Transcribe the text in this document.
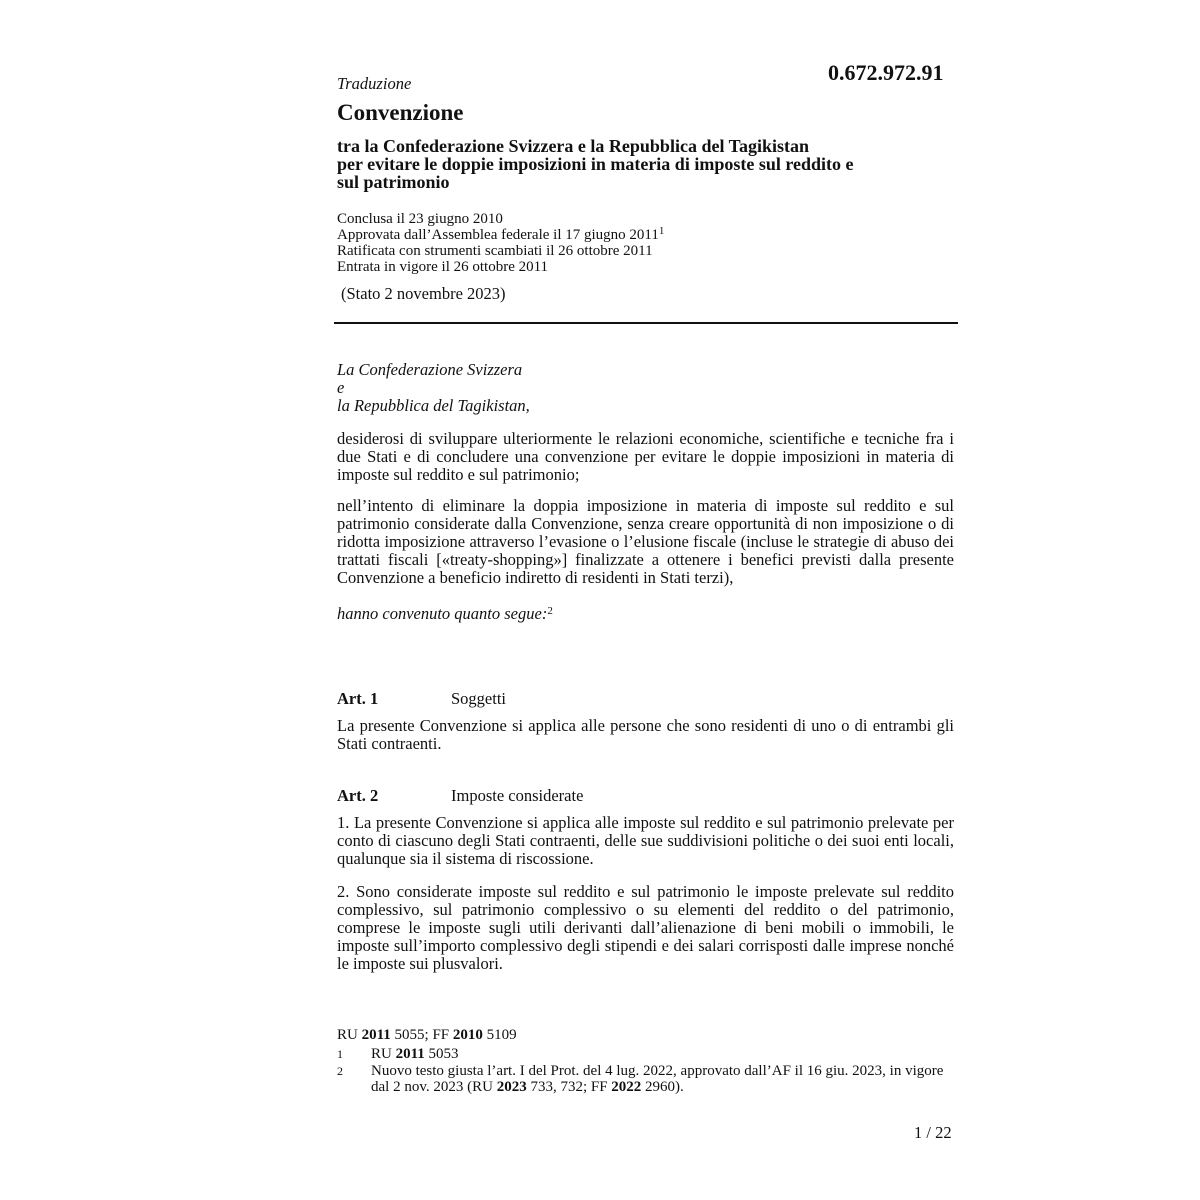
0.672.972.91
Traduzione
Convenzione
tra la Confederazione Svizzera e la Repubblica del Tagikistan
per evitare le doppie imposizioni in materia di imposte sul reddito e
sul patrimonio
Conclusa il 23 giugno 2010
Approvata dall’Assemblea federale il 17 giugno 2011$^1$
Ratificata con strumenti scambiati il 26 ottobre 2011
Entrata in vigore il 26 ottobre 2011
(Stato 2 novembre 2023)
La Confederazione Svizzera
e
la Repubblica del Tagikistan,

desiderosi di sviluppare ulteriormente le relazioni economiche, scientifiche e tecniche fra i due Stati e di concludere una convenzione per evitare le doppie imposizioni in materia di imposte sul reddito e sul patrimonio;

nell’intento di eliminare la doppia imposizione in materia di imposte sul reddito e sul patrimonio considerate dalla Convenzione, senza creare opportunità di non imposizione o di ridotta imposizione attraverso l’evasione o l’elusione fiscale (incluse le strategie di abuso dei trattati fiscali [«treaty-shopping»] finalizzate a ottenere i benefici previsti dalla presente Convenzione a beneficio indiretto di residenti in Stati terzi),

hanno convenuto quanto segue:$^2$

Art. 1	Soggetti

La presente Convenzione si applica alle persone che sono residenti di uno o di entrambi gli Stati contraenti.

Art. 2	Imposte considerate

1. La presente Convenzione si applica alle imposte sul reddito e sul patrimonio prelevate per conto di ciascuno degli Stati contraenti, delle sue suddivisioni politiche o dei suoi enti locali, qualunque sia il sistema di riscossione.

2. Sono considerate imposte sul reddito e sul patrimonio le imposte prelevate sul reddito complessivo, sul patrimonio complessivo o su elementi del reddito o del patrimonio, comprese le imposte sugli utili derivanti dall’alienazione di beni mobili o immobili, le imposte sull’importo complessivo degli stipendi e dei salari corrisposti dalle imprese nonché le imposte sui plusvalori.

RU 2011 5055; FF 2010 5109
1 RU 2011 5053
2 Nuovo testo giusta l’art. I del Prot. del 4 lug. 2022, approvato dall’AF il 16 giu. 2023, in vigore dal 2 nov. 2023 (RU 2023 733, 732; FF 2022 2960).
1 / 22
